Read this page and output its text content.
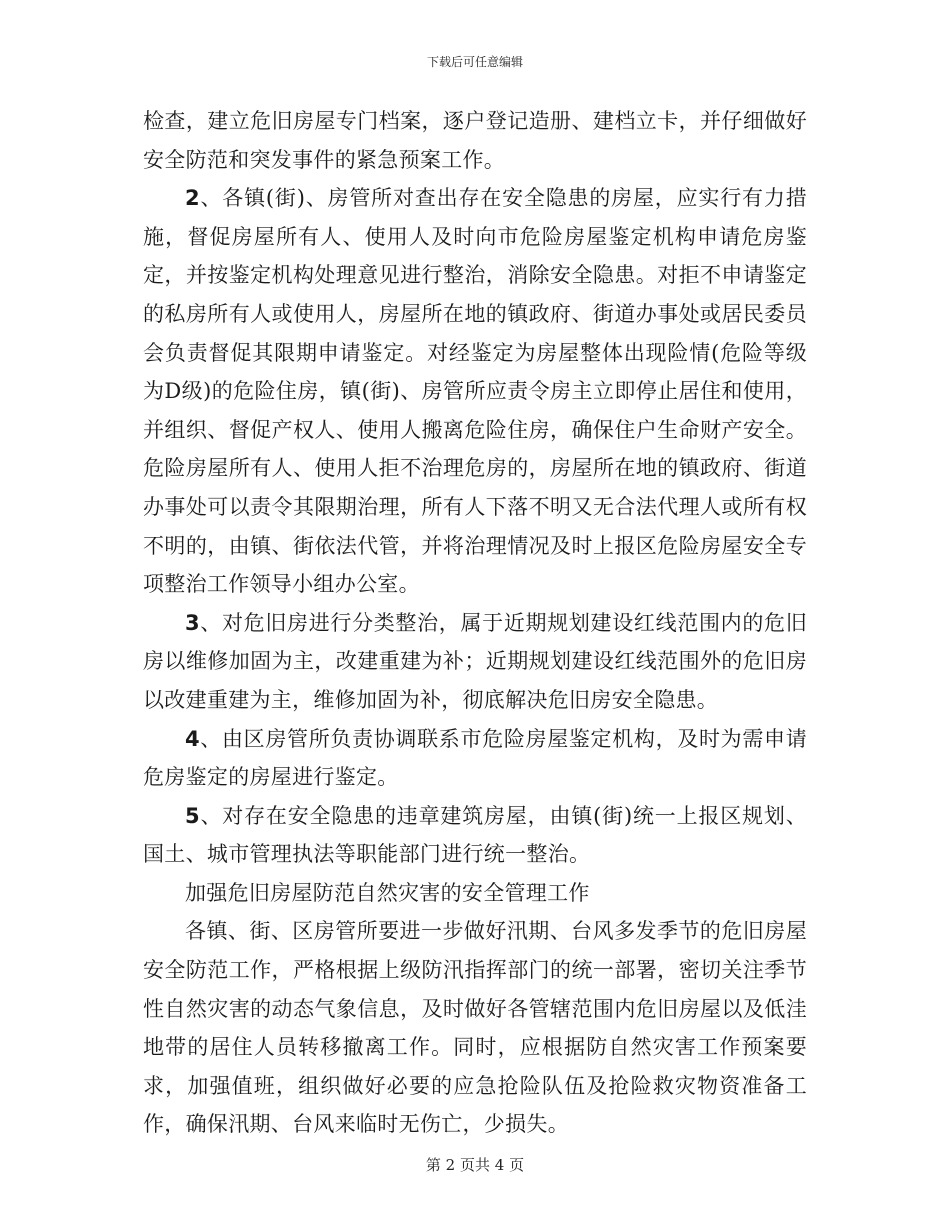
下载后可任意编辑

检查，建立危旧房屋专门档案，逐户登记造册、建档立卡，并仔细做好安全防范和突发事件的紧急预案工作。

2、各镇(街)、房管所对查出存在安全隐患的房屋，应实行有力措施，督促房屋所有人、使用人及时向市危险房屋鉴定机构申请危房鉴定，并按鉴定机构处理意见进行整治，消除安全隐患。对拒不申请鉴定的私房所有人或使用人，房屋所在地的镇政府、街道办事处或居民委员会负责督促其限期申请鉴定。对经鉴定为房屋整体出现险情(危险等级为D级)的危险住房，镇(街)、房管所应责令房主立即停止居住和使用，并组织、督促产权人、使用人搬离危险住房，确保住户生命财产安全。危险房屋所有人、使用人拒不治理危房的，房屋所在地的镇政府、街道办事处可以责令其限期治理，所有人下落不明又无合法代理人或所有权不明的，由镇、街依法代管，并将治理情况及时上报区危险房屋安全专项整治工作领导小组办公室。

3、对危旧房进行分类整治，属于近期规划建设红线范围内的危旧房以维修加固为主，改建重建为补；近期规划建设红线范围外的危旧房以改建重建为主，维修加固为补，彻底解决危旧房安全隐患。

4、由区房管所负责协调联系市危险房屋鉴定机构，及时为需申请危房鉴定的房屋进行鉴定。

5、对存在安全隐患的违章建筑房屋，由镇(街)统一上报区规划、国土、城市管理执法等职能部门进行统一整治。

加强危旧房屋防范自然灾害的安全管理工作

各镇、街、区房管所要进一步做好汛期、台风多发季节的危旧房屋安全防范工作，严格根据上级防汛指挥部门的统一部署，密切关注季节性自然灾害的动态气象信息，及时做好各管辖范围内危旧房屋以及低洼地带的居住人员转移撤离工作。同时，应根据防自然灾害工作预案要求，加强值班，组织做好必要的应急抢险队伍及抢险救灾物资准备工作，确保汛期、台风来临时无伤亡，少损失。

第 2 页共 4 页
